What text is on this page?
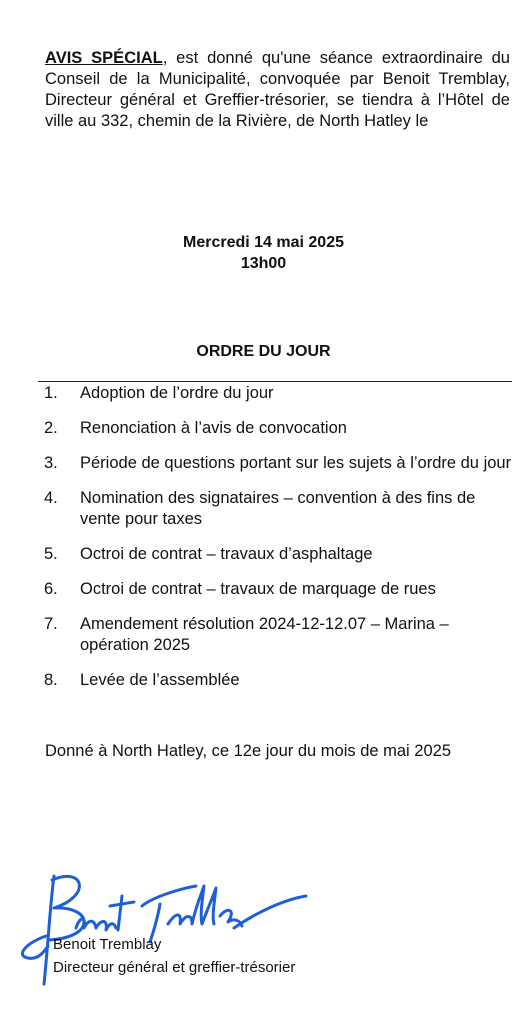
AVIS SPÉCIAL, est donné qu'une séance extraordinaire du Conseil de la Municipalité, convoquée par Benoit Tremblay, Directeur général et Greffier-trésorier, se tiendra à l’Hôtel de ville au 332, chemin de la Rivière, de North Hatley le

Mercredi 14 mai 2025
13h00
ORDRE DU JOUR
1. Adoption de l’ordre du jour
2. Renonciation à l’avis de convocation
3. Période de questions portant sur les sujets à l’ordre du jour
4. Nomination des signataires – convention à des fins de vente pour taxes
5. Octroi de contrat – travaux d’asphaltage
6. Octroi de contrat – travaux de marquage de rues
7. Amendement résolution 2024-12-12.07 – Marina – opération 2025
8. Levée de l’assemblée

Donné à North Hatley, ce 12e jour du mois de mai 2025

Benoit Tremblay
Directeur général et greffier-trésorier
